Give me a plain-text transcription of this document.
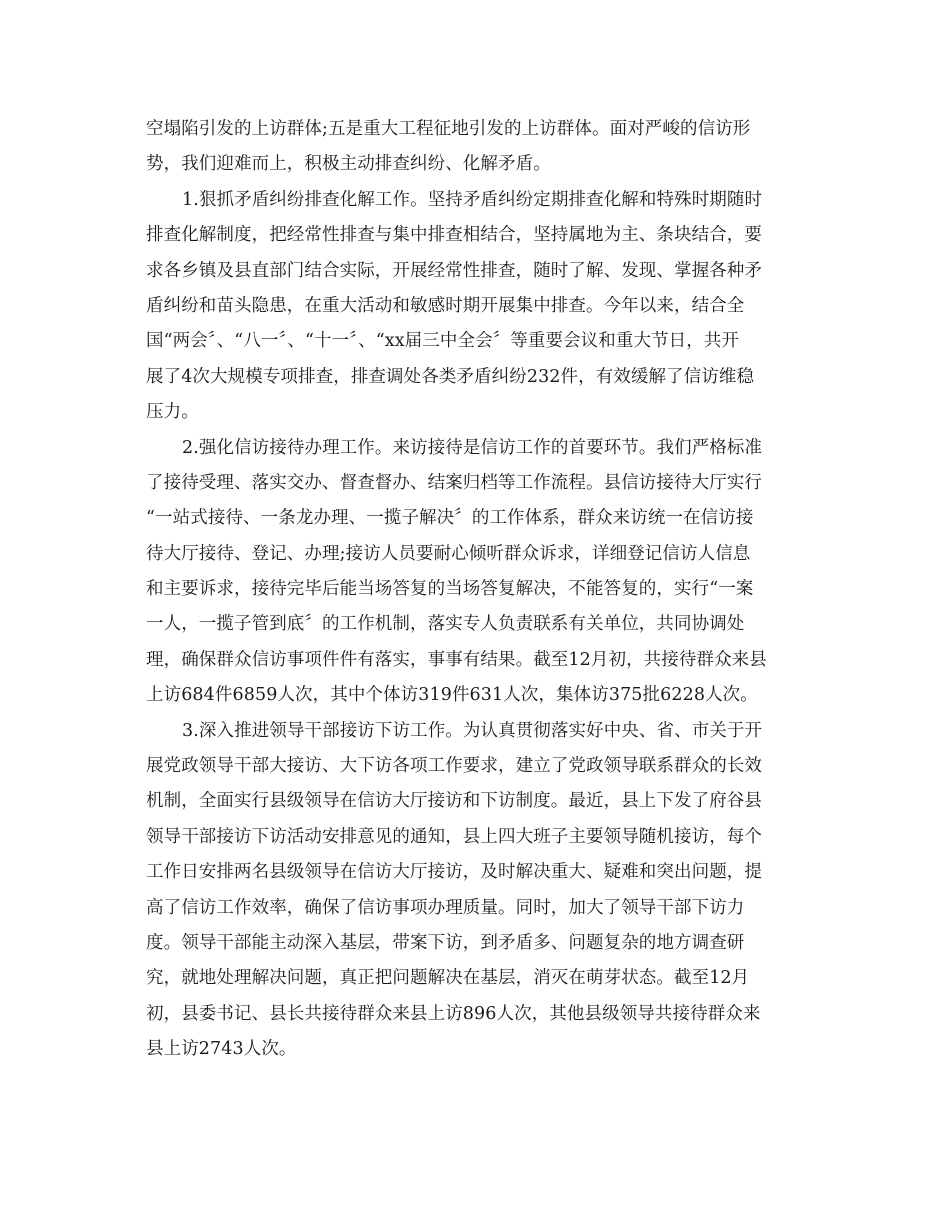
空塌陷引发的上访群体;五是重大工程征地引发的上访群体。面对严峻的信访形
势，我们迎难而上，积极主动排查纠纷、化解矛盾。
1.狠抓矛盾纠纷排查化解工作。坚持矛盾纠纷定期排查化解和特殊时期随时
排查化解制度，把经常性排查与集中排查相结合，坚持属地为主、条块结合，要
求各乡镇及县直部门结合实际，开展经常性排查，随时了解、发现、掌握各种矛
盾纠纷和苗头隐患，在重大活动和敏感时期开展集中排查。今年以来，结合全
国“两会〞、“八一〞、“十一〞、“xx届三中全会〞等重要会议和重大节日，共开
展了4次大规模专项排查，排查调处各类矛盾纠纷232件，有效缓解了信访维稳
压力。
2.强化信访接待办理工作。来访接待是信访工作的首要环节。我们严格标准
了接待受理、落实交办、督查督办、结案归档等工作流程。县信访接待大厅实行
“一站式接待、一条龙办理、一揽子解决〞的工作体系，群众来访统一在信访接
待大厅接待、登记、办理;接访人员要耐心倾听群众诉求，详细登记信访人信息
和主要诉求，接待完毕后能当场答复的当场答复解决，不能答复的，实行“一案
一人，一揽子管到底〞的工作机制，落实专人负责联系有关单位，共同协调处
理，确保群众信访事项件件有落实，事事有结果。截至12月初，共接待群众来县
上访684件6859人次，其中个体访319件631人次，集体访375批6228人次。
3.深入推进领导干部接访下访工作。为认真贯彻落实好中央、省、市关于开
展党政领导干部大接访、大下访各项工作要求，建立了党政领导联系群众的长效
机制，全面实行县级领导在信访大厅接访和下访制度。最近，县上下发了府谷县
领导干部接访下访活动安排意见的通知，县上四大班子主要领导随机接访，每个
工作日安排两名县级领导在信访大厅接访，及时解决重大、疑难和突出问题，提
高了信访工作效率，确保了信访事项办理质量。同时，加大了领导干部下访力
度。领导干部能主动深入基层，带案下访，到矛盾多、问题复杂的地方调查研
究，就地处理解决问题，真正把问题解决在基层，消灭在萌芽状态。截至12月
初，县委书记、县长共接待群众来县上访896人次，其他县级领导共接待群众来
县上访2743人次。
